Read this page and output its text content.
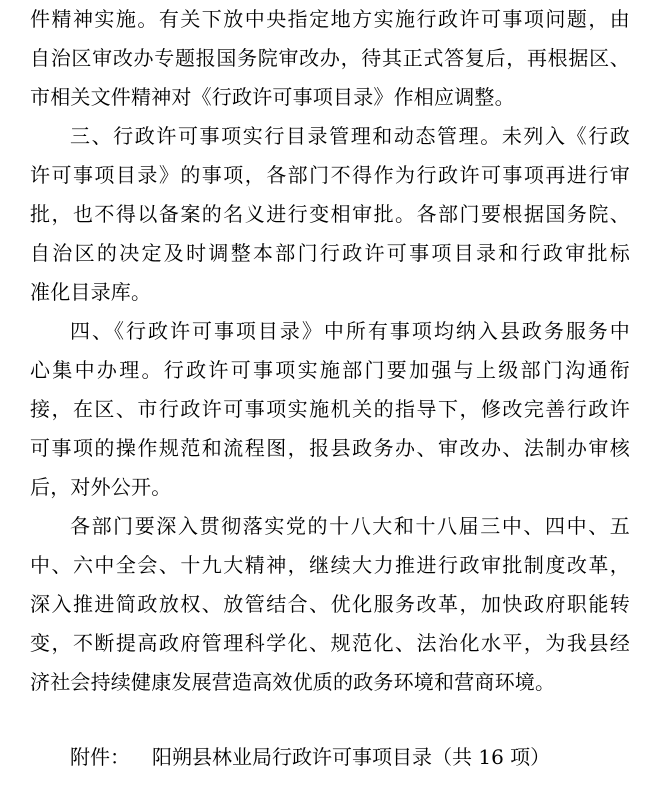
件精神实施。有关下放中央指定地方实施行政许可事项问题，由
自治区审改办专题报国务院审改办，待其正式答复后，再根据区、
市相关文件精神对《行政许可事项目录》作相应调整。
三、行政许可事项实行目录管理和动态管理。未列入《行政
许可事项目录》的事项，各部门不得作为行政许可事项再进行审
批，也不得以备案的名义进行变相审批。各部门要根据国务院、
自治区的决定及时调整本部门行政许可事项目录和行政审批标
准化目录库。
四、《行政许可事项目录》中所有事项均纳入县政务服务中
心集中办理。行政许可事项实施部门要加强与上级部门沟通衔
接，在区、市行政许可事项实施机关的指导下，修改完善行政许
可事项的操作规范和流程图，报县政务办、审改办、法制办审核
后，对外公开。
各部门要深入贯彻落实党的十八大和十八届三中、四中、五
中、六中全会、十九大精神，继续大力推进行政审批制度改革，
深入推进简政放权、放管结合、优化服务改革，加快政府职能转
变，不断提高政府管理科学化、规范化、法治化水平，为我县经
济社会持续健康发展营造高效优质的政务环境和营商环境。
附件： 阳朔县林业局行政许可事项目录（共 16 项）
